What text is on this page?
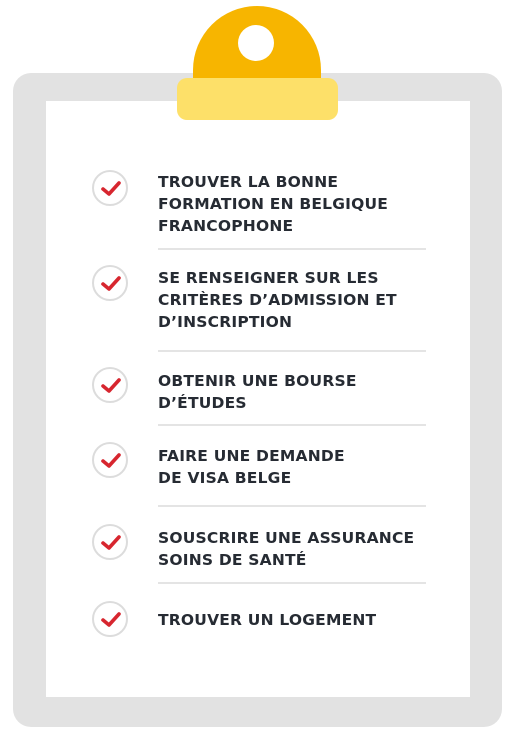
TROUVER LA BONNE
FORMATION EN BELGIQUE
FRANCOPHONE
SE RENSEIGNER SUR LES
CRITÈRES D’ADMISSION ET
D’INSCRIPTION
OBTENIR UNE BOURSE
D’ÉTUDES
FAIRE UNE DEMANDE
DE VISA BELGE
SOUSCRIRE UNE ASSURANCE
SOINS DE SANTÉ
TROUVER UN LOGEMENT
